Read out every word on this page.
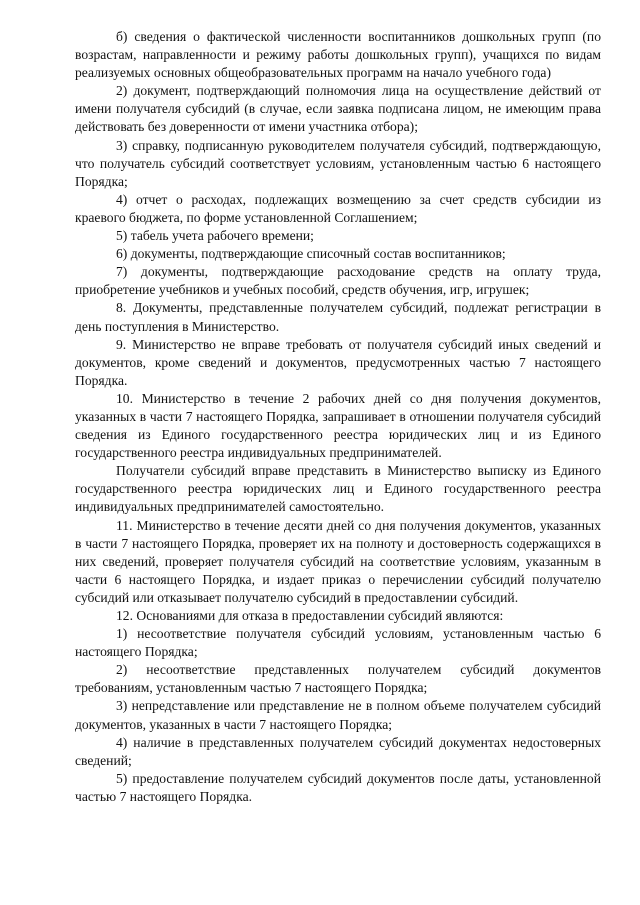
б) сведения о фактической численности воспитанников дошкольных групп (по возрастам, направленности и режиму работы дошкольных групп), учащихся по видам реализуемых основных общеобразовательных программ на начало учебного года)

2) документ, подтверждающий полномочия лица на осуществление действий от имени получателя субсидий (в случае, если заявка подписана лицом, не имеющим права действовать без доверенности от имени участника отбора);

3) справку, подписанную руководителем получателя субсидий, подтверждающую, что получатель субсидий соответствует условиям, установленным частью 6 настоящего Порядка;

4) отчет о расходах, подлежащих возмещению за счет средств субсидии из краевого бюджета, по форме установленной Соглашением;

5) табель учета рабочего времени;

6) документы, подтверждающие списочный состав воспитанников;

7) документы, подтверждающие расходование средств на оплату труда, приобретение учебников и учебных пособий, средств обучения, игр, игрушек;

8. Документы, представленные получателем субсидий, подлежат регистрации в день поступления в Министерство.

9. Министерство не вправе требовать от получателя субсидий иных сведений и документов, кроме сведений и документов, предусмотренных частью 7 настоящего Порядка.

10. Министерство в течение 2 рабочих дней со дня получения документов, указанных в части 7 настоящего Порядка, запрашивает в отношении получателя субсидий сведения из Единого государственного реестра юридических лиц и из Единого государственного реестра индивидуальных предпринимателей.

Получатели субсидий вправе представить в Министерство выписку из Единого государственного реестра юридических лиц и Единого государственного реестра индивидуальных предпринимателей самостоятельно.

11. Министерство в течение десяти дней со дня получения документов, указанных в части 7 настоящего Порядка, проверяет их на полноту и достоверность содержащихся в них сведений, проверяет получателя субсидий на соответствие условиям, указанным в части 6 настоящего Порядка, и издает приказ о перечислении субсидий получателю субсидий или отказывает получателю субсидий в предоставлении субсидий.

12. Основаниями для отказа в предоставлении субсидий являются:

1) несоответствие получателя субсидий условиям, установленным частью 6 настоящего Порядка;

2) несоответствие представленных получателем субсидий документов требованиям, установленным частью 7 настоящего Порядка;

3) непредставление или представление не в полном объеме получателем субсидий документов, указанных в части 7 настоящего Порядка;

4) наличие в представленных получателем субсидий документах недостоверных сведений;

5) предоставление получателем субсидий документов после даты, установленной частью 7 настоящего Порядка.
